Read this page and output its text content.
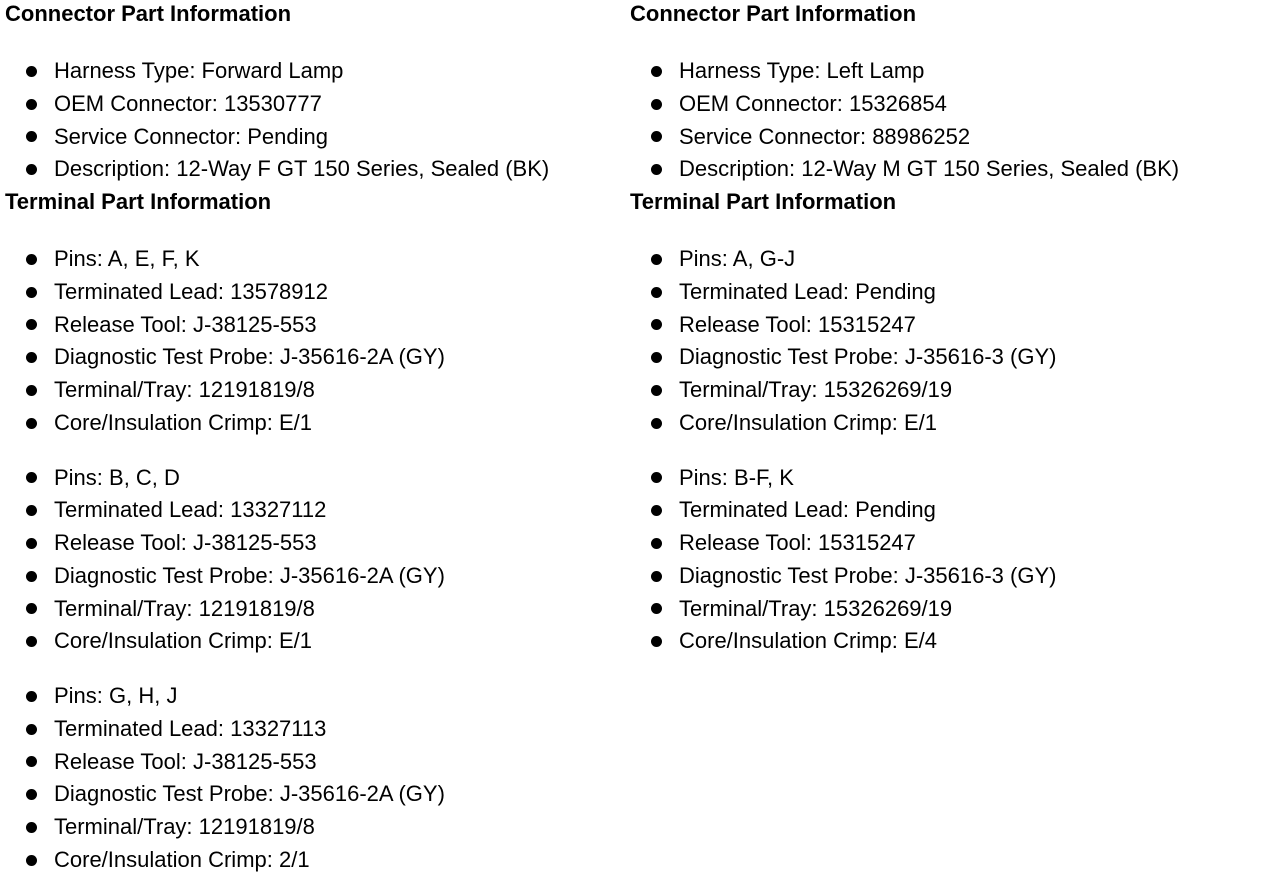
Connector Part Information
Harness Type: Forward Lamp
OEM Connector: 13530777
Service Connector: Pending
Description: 12-Way F GT 150 Series, Sealed (BK)
Terminal Part Information
Pins: A, E, F, K
Terminated Lead: 13578912
Release Tool: J-38125-553
Diagnostic Test Probe: J-35616-2A (GY)
Terminal/Tray: 12191819/8
Core/Insulation Crimp: E/1
Pins: B, C, D
Terminated Lead: 13327112
Release Tool: J-38125-553
Diagnostic Test Probe: J-35616-2A (GY)
Terminal/Tray: 12191819/8
Core/Insulation Crimp: E/1
Pins: G, H, J
Terminated Lead: 13327113
Release Tool: J-38125-553
Diagnostic Test Probe: J-35616-2A (GY)
Terminal/Tray: 12191819/8
Core/Insulation Crimp: 2/1
Connector Part Information
Harness Type: Left Lamp
OEM Connector: 15326854
Service Connector: 88986252
Description: 12-Way M GT 150 Series, Sealed (BK)
Terminal Part Information
Pins: A, G-J
Terminated Lead: Pending
Release Tool: 15315247
Diagnostic Test Probe: J-35616-3 (GY)
Terminal/Tray: 15326269/19
Core/Insulation Crimp: E/1
Pins: B-F, K
Terminated Lead: Pending
Release Tool: 15315247
Diagnostic Test Probe: J-35616-3 (GY)
Terminal/Tray: 15326269/19
Core/Insulation Crimp: E/4
